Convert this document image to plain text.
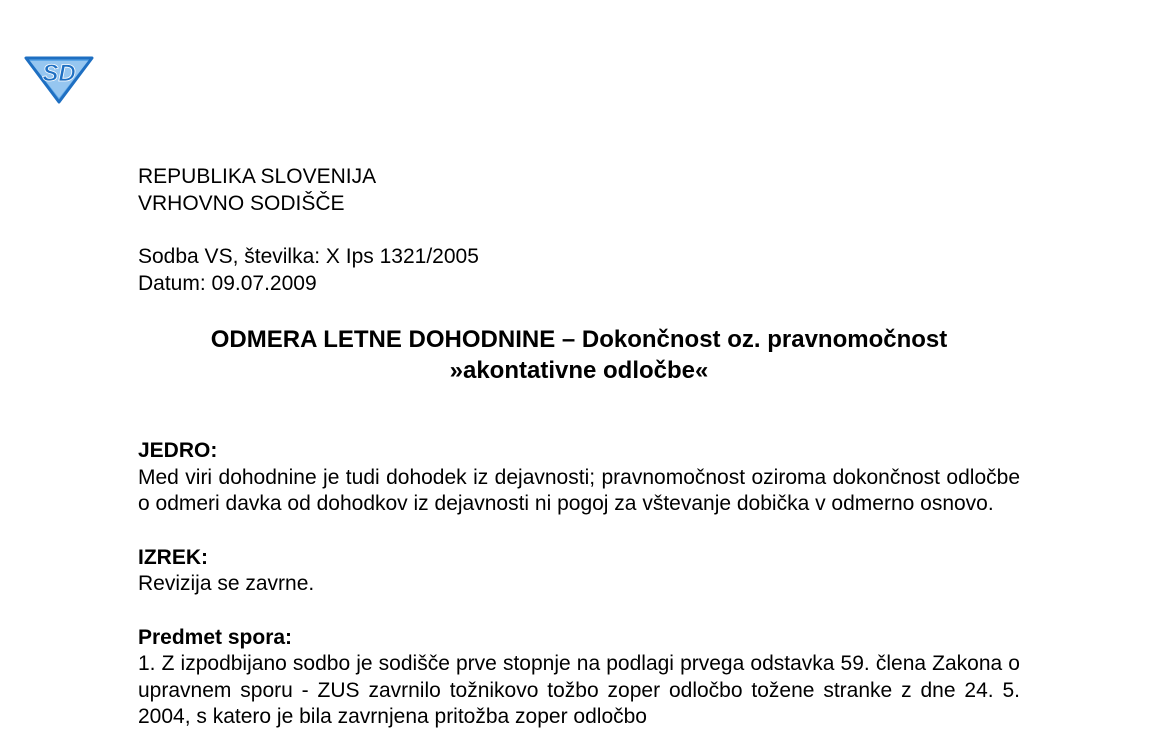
SD
REPUBLIKA SLOVENIJA
VRHOVNO SODIŠČE
Sodba VS, številka: X Ips 1321/2005
Datum: 09.07.2009
ODMERA LETNE DOHODNINE – Dokončnost oz. pravnomočnost
»akontativne odločbe«
JEDRO:
Med viri dohodnine je tudi dohodek iz dejavnosti; pravnomočnost oziroma dokončnost odločbe o odmeri davka od dohodkov iz dejavnosti ni pogoj za vštevanje dobička v odmerno osnovo.
IZREK:
Revizija se zavrne.
Predmet spora:
1. Z izpodbijano sodbo je sodišče prve stopnje na podlagi prvega odstavka 59. člena Zakona o upravnem sporu - ZUS zavrnilo tožnikovo tožbo zoper odločbo tožene stranke z dne 24. 5. 2004, s katero je bila zavrnjena pritožba zoper odločbo
